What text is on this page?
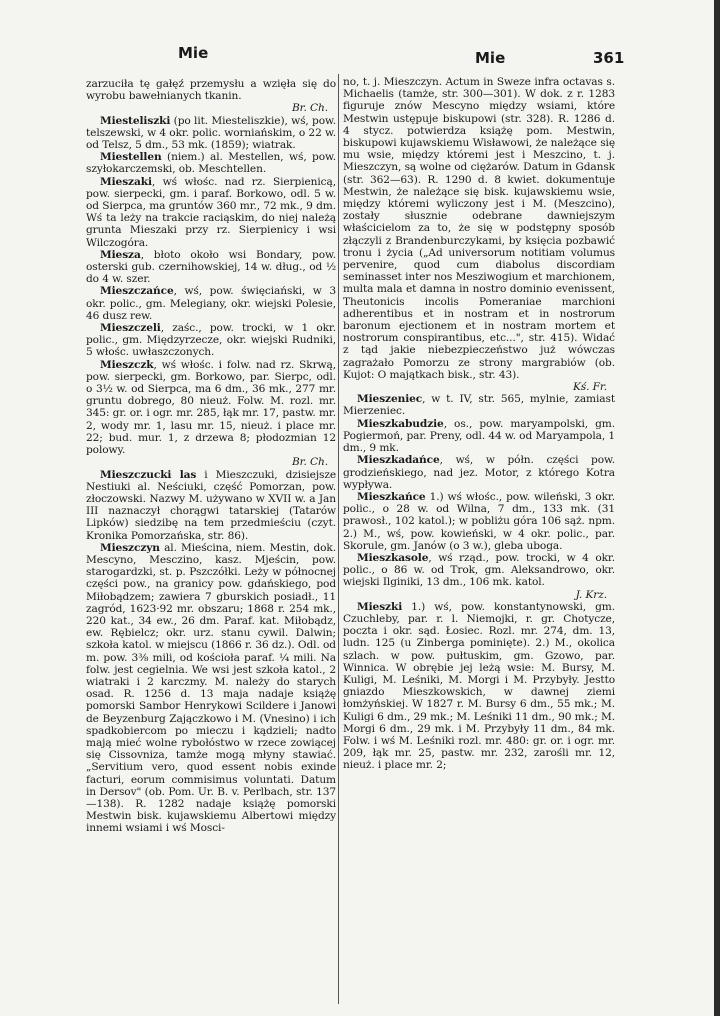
Mie	Mie	361

zarzuciła tę gałęź przemysłu a wzięła się do wyrobu bawełnianych tkanin.

Br. Ch.

Miesteliszki (po lit. Miesteliszkie), wś, pow. telszewski, w 4 okr. polic. worniańskim, o 22 w. od Telsz, 5 dm., 53 mk. (1859); wiatrak.

Miestellen (niem.) al. Mestellen, wś, pow. szyłokarczemski, ob. Meschtellen.

Mieszaki, wś włośc. nad rz. Sierpienicą, pow. sierpecki, gm. i paraf. Borkowo, odl. 5 w. od Sierpca, ma gruntów 360 mr., 72 mk., 9 dm. Wś ta leży na trakcie raciąskim, do niej należą grunta Mieszaki przy rz. Sierpienicy i wsi Wilczogóra.

Miesza, błoto około wsi Bondary, pow. osterski gub. czernihowskiej, 14 w. dług., od ½ do 4 w. szer.

Mieszczańce, wś, pow. święciański, w 3 okr. polic., gm. Melegiany, okr. wiejski Polesie, 46 dusz rew.

Mieszczeli, zaśc., pow. trocki, w 1 okr. polic., gm. Międzyrzecze, okr. wiejski Rudniki, 5 włośc. uwłaszczonych.

Mieszczk, wś włośc. i folw. nad rz. Skrwą, pow. sierpecki, gm. Borkowo, par. Sierpc, odl. o 3½ w. od Sierpca, ma 6 dm., 36 mk., 277 mr. gruntu dobrego, 80 nieuż. Folw. M. rozl. mr. 345: gr. or. i ogr. mr. 285, łąk mr. 17, pastw. mr. 2, wody mr. 1, lasu mr. 15, nieuż. i place mr. 22; bud. mur. 1, z drzewa 8; płodozmian 12 polowy.

Br. Ch.

Mieszczucki las i Mieszczuki, dzisiejsze Nestiuki al. Neściuki, część Pomorzan, pow. złoczowski. Nazwy M. używano w XVII w. a Jan III naznaczył chorągwi tatarskiej (Tatarów Lipków) siedzibę na tem przedmieściu (czyt. Kronika Pomorzańska, str. 86).

Mieszczyn al. Mieścina, niem. Mestin, dok. Mescyno, Mesczino, kasz. Mjeścin, pow. starogardzki, st. p. Pszczółki. Leży w północnej części pow., na granicy pow. gdańskiego, pod Miłobądzem; zawiera 7 gburskich posiadł., 11 zagród, 1623·92 mr. obszaru; 1868 r. 254 mk., 220 kat., 34 ew., 26 dm. Paraf. kat. Miłobądz, ew. Rębielcz; okr. urz. stanu cywil. Dalwin; szkoła katol. w miejscu (1866 r. 36 dz.). Odl. od m. pow. 3⅜ mili, od kościoła paraf. ¼ mili. Na folw. jest cegielnia. We wsi jest szkoła katol., 2 wiatraki i 2 karczmy. M. należy do starych osad. R. 1256 d. 13 maja nadaje książę pomorski Sambor Henrykowi Scildere i Janowi de Beyzenburg Zajączkowo i M. (Vnesino) i ich spadkobiercom po mieczu i kądzieli; nadto mają mieć wolne rybołóstwo w rzece zowiącej się Cissovniza, tamże mogą młyny stawiać. „Servitium vero, quod essent nobis exinde facturi, eorum commisimus voluntati. Datum in Dersov" (ob. Pom. Ur. B. v. Perlbach, str. 137—138). R. 1282 nadaje książę pomorski Mestwin bisk. kujawskiemu Albertowi między innemi wsiami i wś Mosci-

no, t. j. Mieszczyn. Actum in Sweze infra octavas s. Michaelis (tamże, str. 300—301). W dok. z r. 1283 figuruje znów Mescyno między wsiami, które Mestwin ustępuje biskupowi (str. 328). R. 1286 d. 4 stycz. potwierdza książę pom. Mestwin, biskupowi kujawskiemu Wisławowi, że należące się mu wsie, między któremi jest i Meszcino, t. j. Mieszczyn, są wolne od ciężarów. Datum in Gdansk (str. 362—63). R. 1290 d. 8 kwiet. dokumentuje Mestwin, że należące się bisk. kujawskiemu wsie, między któremi wyliczony jest i M. (Meszcino), zostały słusznie odebrane dawniejszym właścicielom za to, że się w podstępny sposób złączyli z Brandenburczykami, by księcia pozbawić tronu i życia („Ad universorum notitiam volumus pervenire, quod cum diabolus discordiam seminasset inter nos Mesziwogium et marchionem, multa mala et damna in nostro dominio evenissent, Theutonicis incolis Pomeraniae marchioni adherentibus et in nostram et in nostrorum baronum ejectionem et in nostram mortem et nostrorum conspirantibus, etc...", str. 415). Widać z tąd jakie niebezpieczeństwo już wówczas zagrażało Pomorzu ze strony margrabiów (ob. Kujot: O majątkach bisk., str. 43).

Kś. Fr.

Mieszeniec, w t. IV, str. 565, mylnie, zamiast Mierzeniec.

Mieszkabudzie, os., pow. maryampolski, gm. Pogiermoń, par. Preny, odl. 44 w. od Maryampola, 1 dm., 9 mk.

Mieszkadańce, wś, w półn. części pow. grodzieńskiego, nad jez. Motor, z którego Kotra wypływa.

Mieszkańce 1.) wś włośc., pow. wileński, 3 okr. polic., o 28 w. od Wilna, 7 dm., 133 mk. (31 prawosł., 102 katol.); w pobliżu góra 106 sąż. npm. 2.) M., wś, pow. kowieński, w 4 okr. polic., par. Skorule, gm. Janów (o 3 w.), gleba uboga.

Mieszkasole, wś rząd., pow. trocki, w 4 okr. polic., o 86 w. od Trok, gm. Aleksandrowo, okr. wiejski Ilginiki, 13 dm., 106 mk. katol.

J. Krz.

Mieszki 1.) wś, pow. konstantynowski, gm. Czuchleby, par. r. l. Niemojki, r. gr. Chotycze, poczta i okr. sąd. Łosiec. Rozl. mr. 274, dm. 13, ludn. 125 (u Zinberga pominięte). 2.) M., okolica szlach. w pow. pułtuskim, gm. Gzowo, par. Winnica. W obrębie jej leżą wsie: M. Bursy, M. Kuligi, M. Leśniki, M. Morgi i M. Przybyły. Jestto gniazdo Mieszkowskich, w dawnej ziemi łomżyńskiej. W 1827 r. M. Bursy 6 dm., 55 mk.; M. Kuligi 6 dm., 29 mk.; M. Leśniki 11 dm., 90 mk.; M. Morgi 6 dm., 29 mk. i M. Przybyły 11 dm., 84 mk. Folw. i wś M. Leśniki rozl. mr. 480: gr. or. i ogr. mr. 209, łąk mr. 25, pastw. mr. 232, zarośli mr. 12, nieuż. i place mr. 2;
